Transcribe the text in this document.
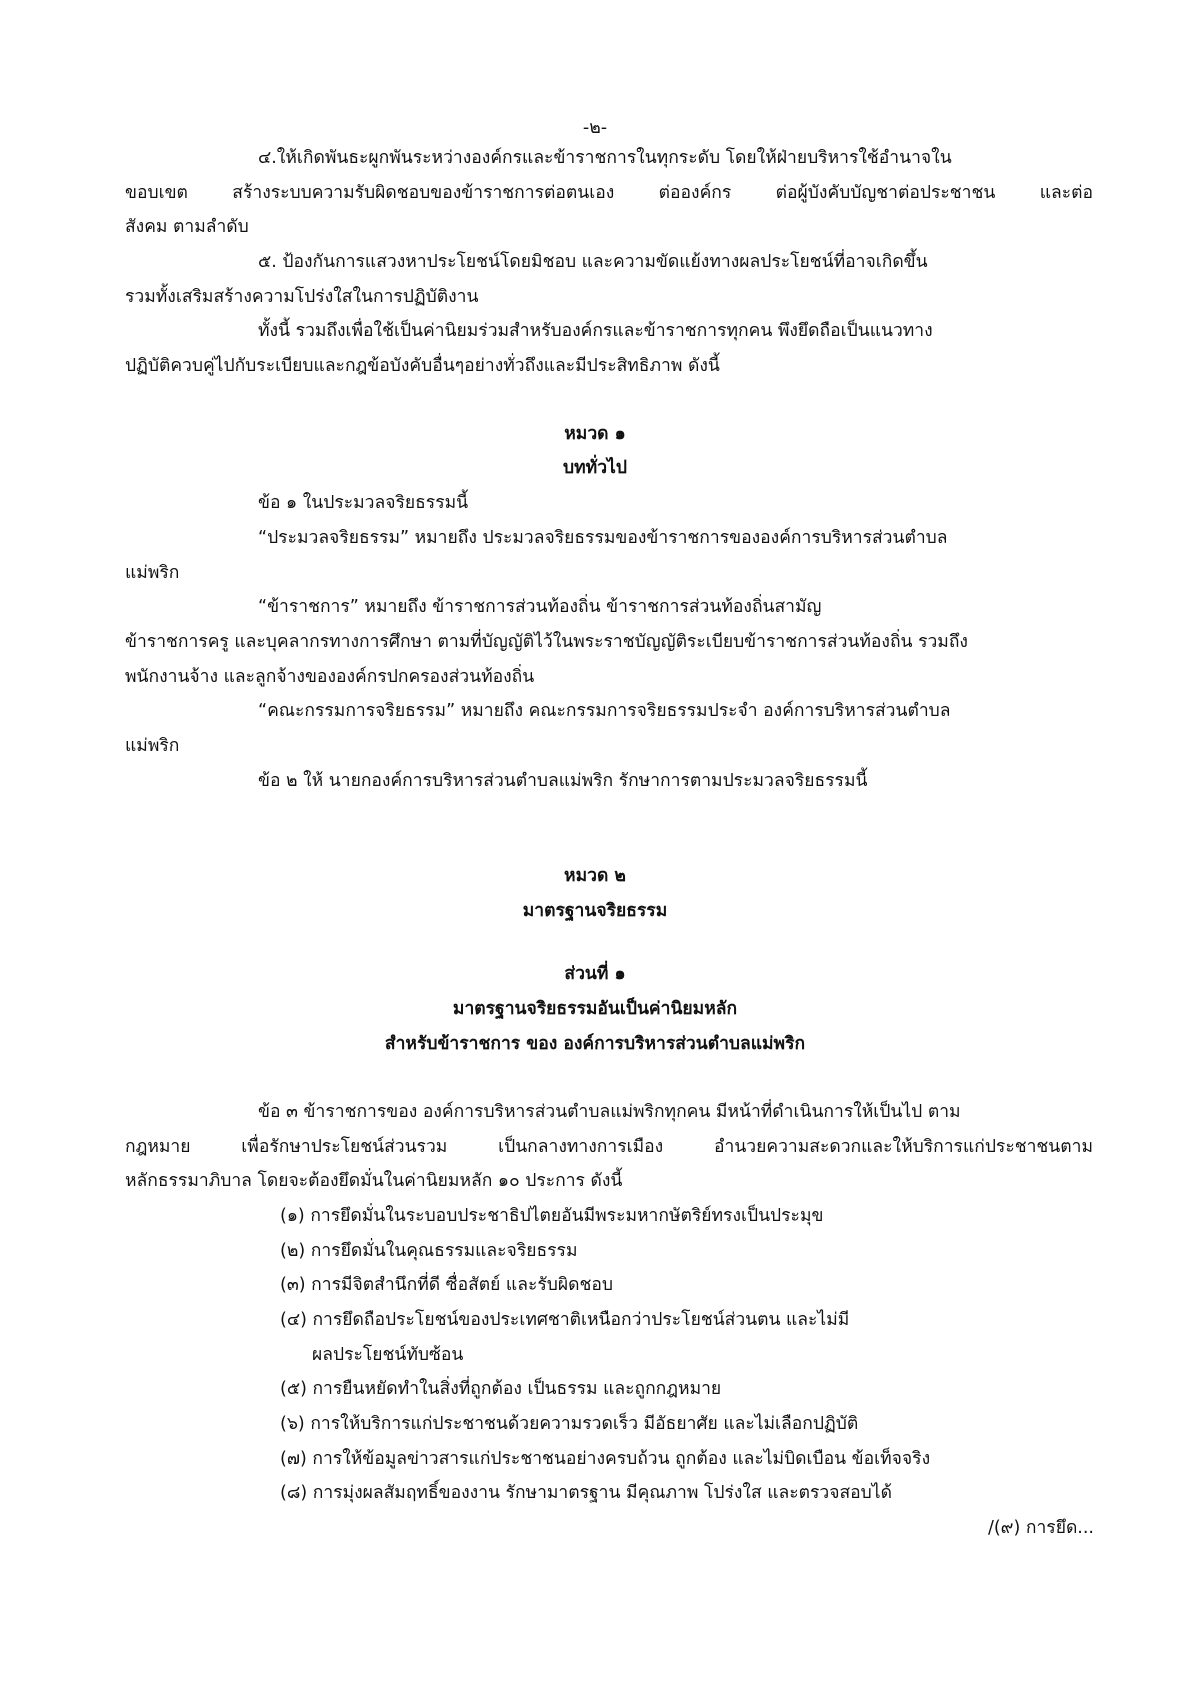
-๒-
๔.ให้เกิดพันธะผูกพันระหว่างองค์กรและข้าราชการในทุกระดับ โดยให้ฝ่ายบริหารใช้อำนาจใน
ขอบเขต สร้างระบบความรับผิดชอบของข้าราชการต่อตนเอง ต่อองค์กร ต่อผู้บังคับบัญชาต่อประชาชน และต่อ
สังคม ตามลำดับ
๕. ป้องกันการแสวงหาประโยชน์โดยมิชอบ และความขัดแย้งทางผลประโยชน์ที่อาจเกิดขึ้น
รวมทั้งเสริมสร้างความโปร่งใสในการปฏิบัติงาน
ทั้งนี้ รวมถึงเพื่อใช้เป็นค่านิยมร่วมสำหรับองค์กรและข้าราชการทุกคน พึงยึดถือเป็นแนวทาง
ปฏิบัติควบคู่ไปกับระเบียบและกฎข้อบังคับอื่นๆอย่างทั่วถึงและมีประสิทธิภาพ ดังนี้
หมวด ๑
บททั่วไป
ข้อ ๑ ในประมวลจริยธรรมนี้
“ประมวลจริยธรรม” หมายถึง ประมวลจริยธรรมของข้าราชการขององค์การบริหารส่วนตำบล
แม่พริก
“ข้าราชการ” หมายถึง ข้าราชการส่วนท้องถิ่น ข้าราชการส่วนท้องถิ่นสามัญ
ข้าราชการครู และบุคลากรทางการศึกษา ตามที่บัญญัติไว้ในพระราชบัญญัติระเบียบข้าราชการส่วนท้องถิ่น รวมถึง
พนักงานจ้าง และลูกจ้างขององค์กรปกครองส่วนท้องถิ่น
“คณะกรรมการจริยธรรม” หมายถึง คณะกรรมการจริยธรรมประจำ องค์การบริหารส่วนตำบล
แม่พริก
ข้อ ๒ ให้ นายกองค์การบริหารส่วนตำบลแม่พริก รักษาการตามประมวลจริยธรรมนี้
หมวด ๒
มาตรฐานจริยธรรม
ส่วนที่ ๑
มาตรฐานจริยธรรมอันเป็นค่านิยมหลัก
สำหรับข้าราชการ ของ องค์การบริหารส่วนตำบลแม่พริก
ข้อ ๓ ข้าราชการของ องค์การบริหารส่วนตำบลแม่พริกทุกคน มีหน้าที่ดำเนินการให้เป็นไป ตาม
กฎหมาย เพื่อรักษาประโยชน์ส่วนรวม เป็นกลางทางการเมือง อำนวยความสะดวกและให้บริการแก่ประชาชนตาม
หลักธรรมาภิบาล โดยจะต้องยึดมั่นในค่านิยมหลัก ๑๐ ประการ ดังนี้
(๑) การยึดมั่นในระบอบประชาธิปไตยอันมีพระมหากษัตริย์ทรงเป็นประมุข
(๒) การยึดมั่นในคุณธรรมและจริยธรรม
(๓) การมีจิตสำนึกที่ดี ซื่อสัตย์ และรับผิดชอบ
(๔) การยึดถือประโยชน์ของประเทศชาติเหนือกว่าประโยชน์ส่วนตน และไม่มี
ผลประโยชน์ทับซ้อน
(๕) การยืนหยัดทำในสิ่งที่ถูกต้อง เป็นธรรม และถูกกฎหมาย
(๖) การให้บริการแก่ประชาชนด้วยความรวดเร็ว มีอัธยาศัย และไม่เลือกปฏิบัติ
(๗) การให้ข้อมูลข่าวสารแก่ประชาชนอย่างครบถ้วน ถูกต้อง และไม่บิดเบือน ข้อเท็จจริง
(๘) การมุ่งผลสัมฤทธิ์ของงาน รักษามาตรฐาน มีคุณภาพ โปร่งใส และตรวจสอบได้
/(๙) การยึด...
